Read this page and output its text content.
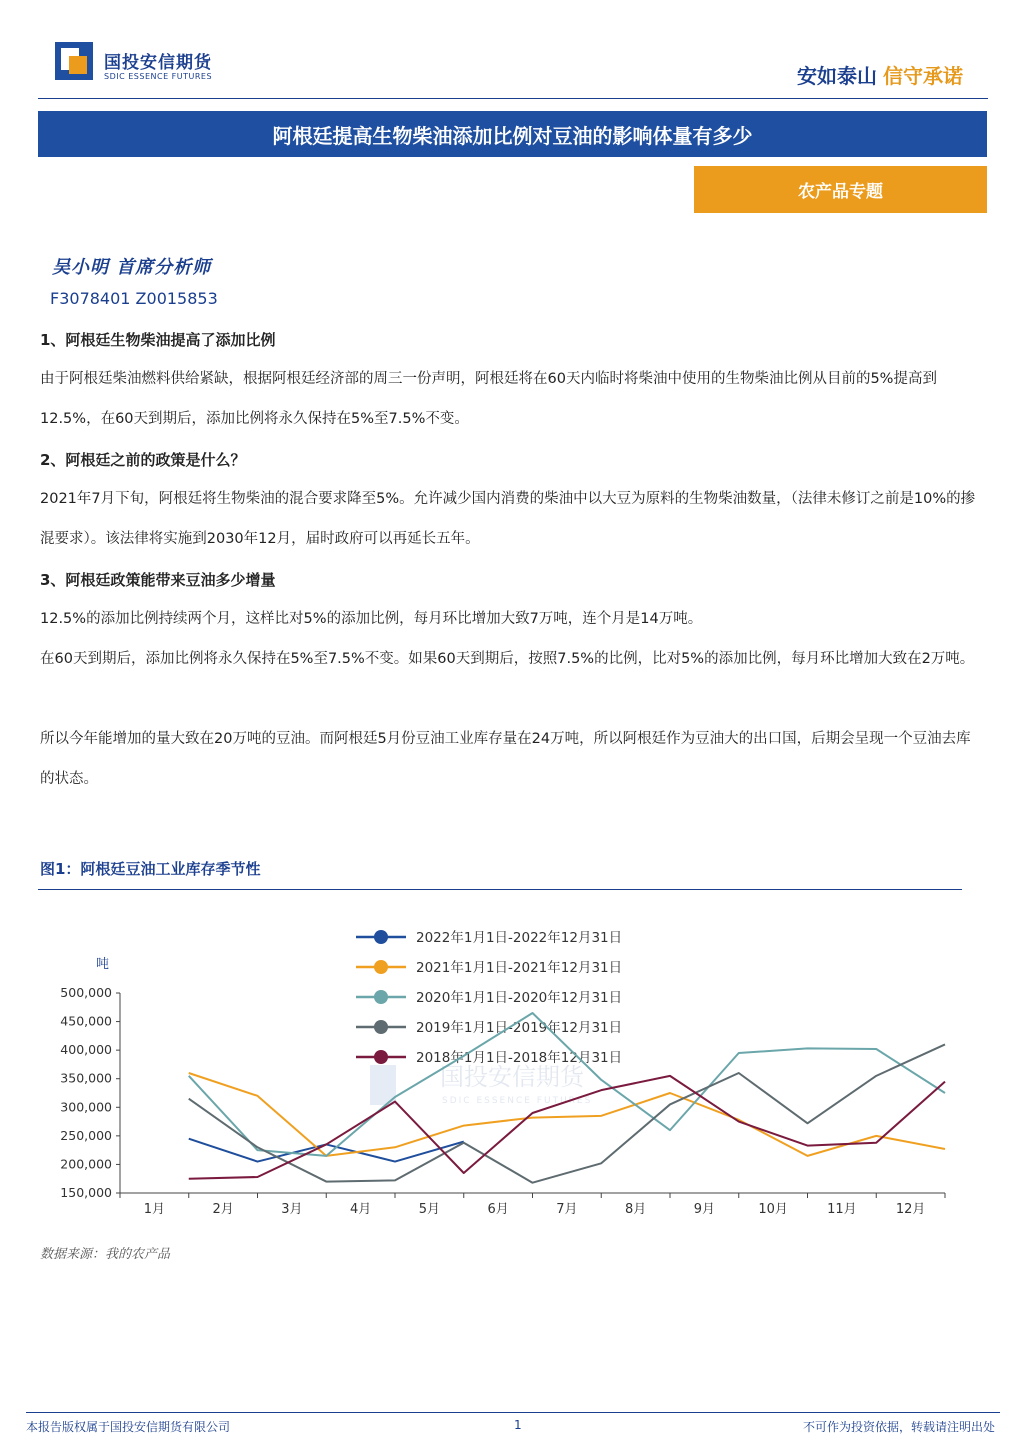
国投安信期货
SDIC ESSENCE FUTURES	安如泰山 信守承诺
阿根廷提高生物柴油添加比例对豆油的影响体量有多少
农产品专题
吴小明 首席分析师
F3078401 Z0015853
1、阿根廷生物柴油提高了添加比例
由于阿根廷柴油燃料供给紧缺，根据阿根廷经济部的周三一份声明，阿根廷将在60天内临时将柴油中使用的生物柴油比例从目前的5%提高到12.5%，在60天到期后，添加比例将永久保持在5%至7.5%不变。
2、阿根廷之前的政策是什么？
2021年7月下旬，阿根廷将生物柴油的混合要求降至5%。允许减少国内消费的柴油中以大豆为原料的生物柴油数量，（法律未修订之前是10%的掺混要求）。该法律将实施到2030年12月，届时政府可以再延长五年。
3、阿根廷政策能带来豆油多少增量
12.5%的添加比例持续两个月，这样比对5%的添加比例，每月环比增加大致7万吨，连个月是14万吨。
在60天到期后，添加比例将永久保持在5%至7.5%不变。如果60天到期后，按照7.5%的比例，比对5%的添加比例，每月环比增加大致在2万吨。
所以今年能增加的量大致在20万吨的豆油。而阿根廷5月份豆油工业库存量在24万吨，所以阿根廷作为豆油大的出口国，后期会呈现一个豆油去库的状态。
图1：阿根廷豆油工业库存季节性
国投安信期货
SDIC ESSENCE FUTURES
2022年1月1日-2022年12月31日
2021年1月1日-2021年12月31日
2020年1月1日-2020年12月31日
2019年1月1日-2019年12月31日
2018年1月1日-2018年12月31日
吨
150,000
200,000
250,000
300,000
350,000
400,000
450,000
500,000
1月	2月	3月	4月	5月	6月	7月	8月	9月	10月	11月	12月
数据来源：我的农产品
本报告版权属于国投安信期货有限公司	1	不可作为投资依据，转载请注明出处
